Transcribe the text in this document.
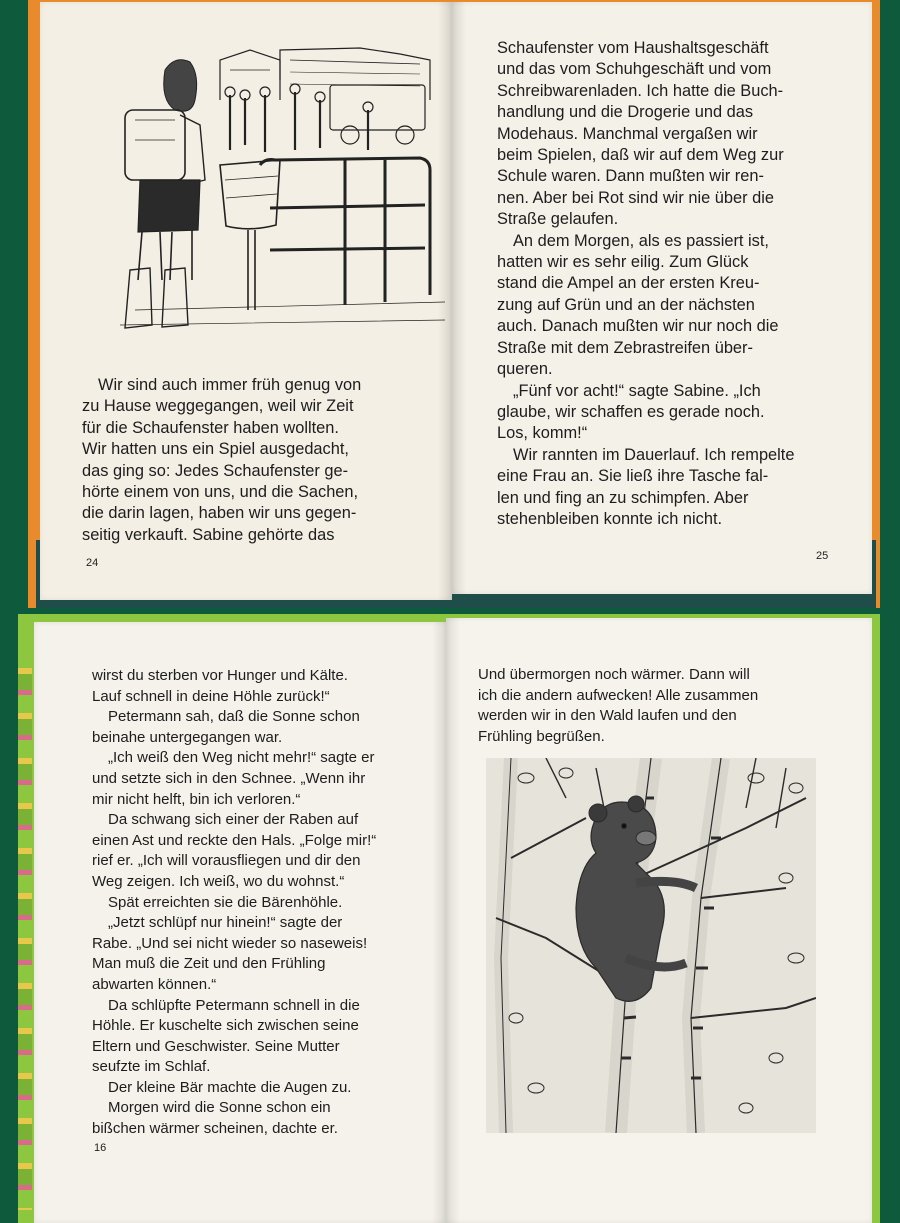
Wir sind auch immer früh genug von

zu Hause weggegangen, weil wir Zeit

für die Schaufenster haben wollten.

Wir hatten uns ein Spiel ausgedacht,

das ging so: Jedes Schaufenster ge-

hörte einem von uns, und die Sachen,

die darin lagen, haben wir uns gegen-

seitig verkauft. Sabine gehörte das

24

Schaufenster vom Haushaltsgeschäft

und das vom Schuhgeschäft und vom

Schreibwarenladen. Ich hatte die Buch-

handlung und die Drogerie und das

Modehaus. Manchmal vergaßen wir

beim Spielen, daß wir auf dem Weg zur

Schule waren. Dann mußten wir ren-

nen. Aber bei Rot sind wir nie über die

Straße gelaufen.

An dem Morgen, als es passiert ist,

hatten wir es sehr eilig. Zum Glück

stand die Ampel an der ersten Kreu-

zung auf Grün und an der nächsten

auch. Danach mußten wir nur noch die

Straße mit dem Zebrastreifen über-

queren.

„Fünf vor acht!“ sagte Sabine. „Ich

glaube, wir schaffen es gerade noch.

Los, komm!“

Wir rannten im Dauerlauf. Ich rempelte

eine Frau an. Sie ließ ihre Tasche fal-

len und fing an zu schimpfen. Aber

stehenbleiben konnte ich nicht.

25

wirst du sterben vor Hunger und Kälte.

Lauf schnell in deine Höhle zurück!“

Petermann sah, daß die Sonne schon

beinahe untergegangen war.

„Ich weiß den Weg nicht mehr!“ sagte er

und setzte sich in den Schnee. „Wenn ihr

mir nicht helft, bin ich verloren.“

Da schwang sich einer der Raben auf

einen Ast und reckte den Hals. „Folge mir!“

rief er. „Ich will vorausfliegen und dir den

Weg zeigen. Ich weiß, wo du wohnst.“

Spät erreichten sie die Bärenhöhle.

„Jetzt schlüpf nur hinein!“ sagte der

Rabe. „Und sei nicht wieder so naseweis!

Man muß die Zeit und den Frühling

abwarten können.“

Da schlüpfte Petermann schnell in die

Höhle. Er kuschelte sich zwischen seine

Eltern und Geschwister. Seine Mutter

seufzte im Schlaf.

Der kleine Bär machte die Augen zu.

Morgen wird die Sonne schon ein

bißchen wärmer scheinen, dachte er.

16

Und übermorgen noch wärmer. Dann will

ich die andern aufwecken! Alle zusammen

werden wir in den Wald laufen und den

Frühling begrüßen.
